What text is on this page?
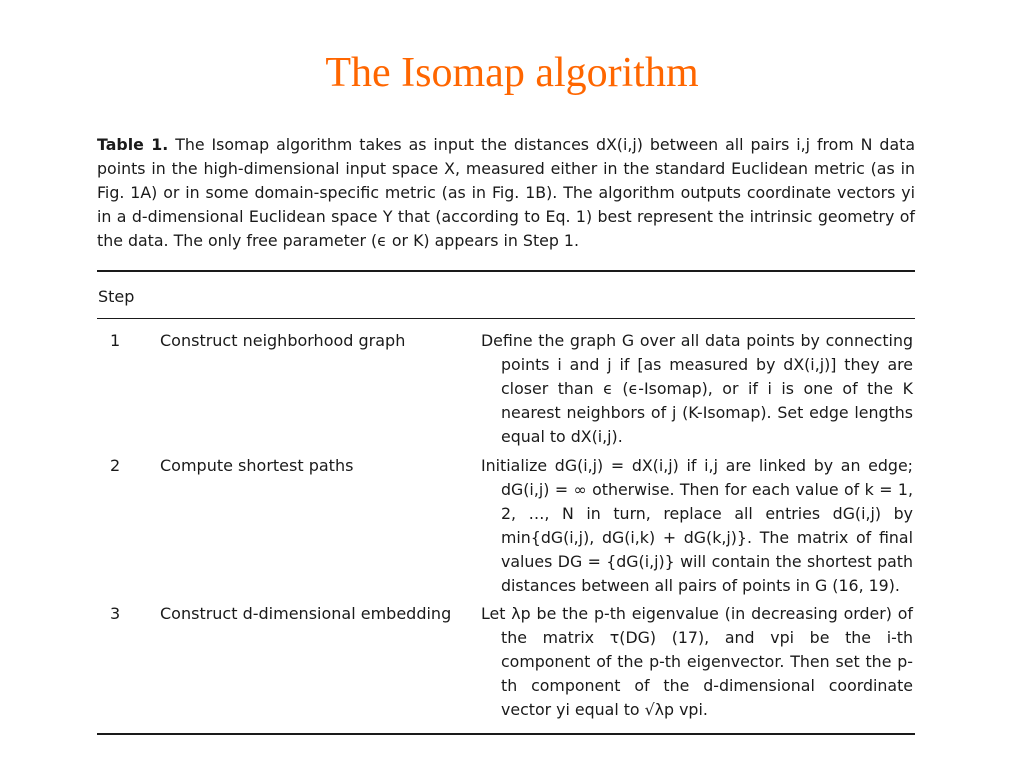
The Isomap algorithm
Table 1. The Isomap algorithm takes as input the distances dX(i,j) between all pairs i,j from N data points in the high-dimensional input space X, measured either in the standard Euclidean metric (as in Fig. 1A) or in some domain-specific metric (as in Fig. 1B). The algorithm outputs coordinate vectors yi in a d-dimensional Euclidean space Y that (according to Eq. 1) best represent the intrinsic geometry of the data. The only free parameter (ϵ or K) appears in Step 1.
Step
1 Construct neighborhood graph	Define the graph G over all data points by connecting points i and j if [as measured by dX(i,j)] they are closer than ϵ (ϵ-Isomap), or if i is one of the K nearest neighbors of j (K-Isomap). Set edge lengths equal to dX(i,j).
2 Compute shortest paths	Initialize dG(i,j) = dX(i,j) if i,j are linked by an edge; dG(i,j) = ∞ otherwise. Then for each value of k = 1, 2, …, N in turn, replace all entries dG(i,j) by min{dG(i,j), dG(i,k) + dG(k,j)}. The matrix of final values DG = {dG(i,j)} will contain the shortest path distances between all pairs of points in G (16, 19).
3 Construct d-dimensional embedding Let λp be the p-th eigenvalue (in decreasing order) of the matrix τ(DG) (17), and vpi be the i-th component of the p-th eigenvector. Then set the p-th component of the d-dimensional coordinate vector yi equal to √λp vpi.
